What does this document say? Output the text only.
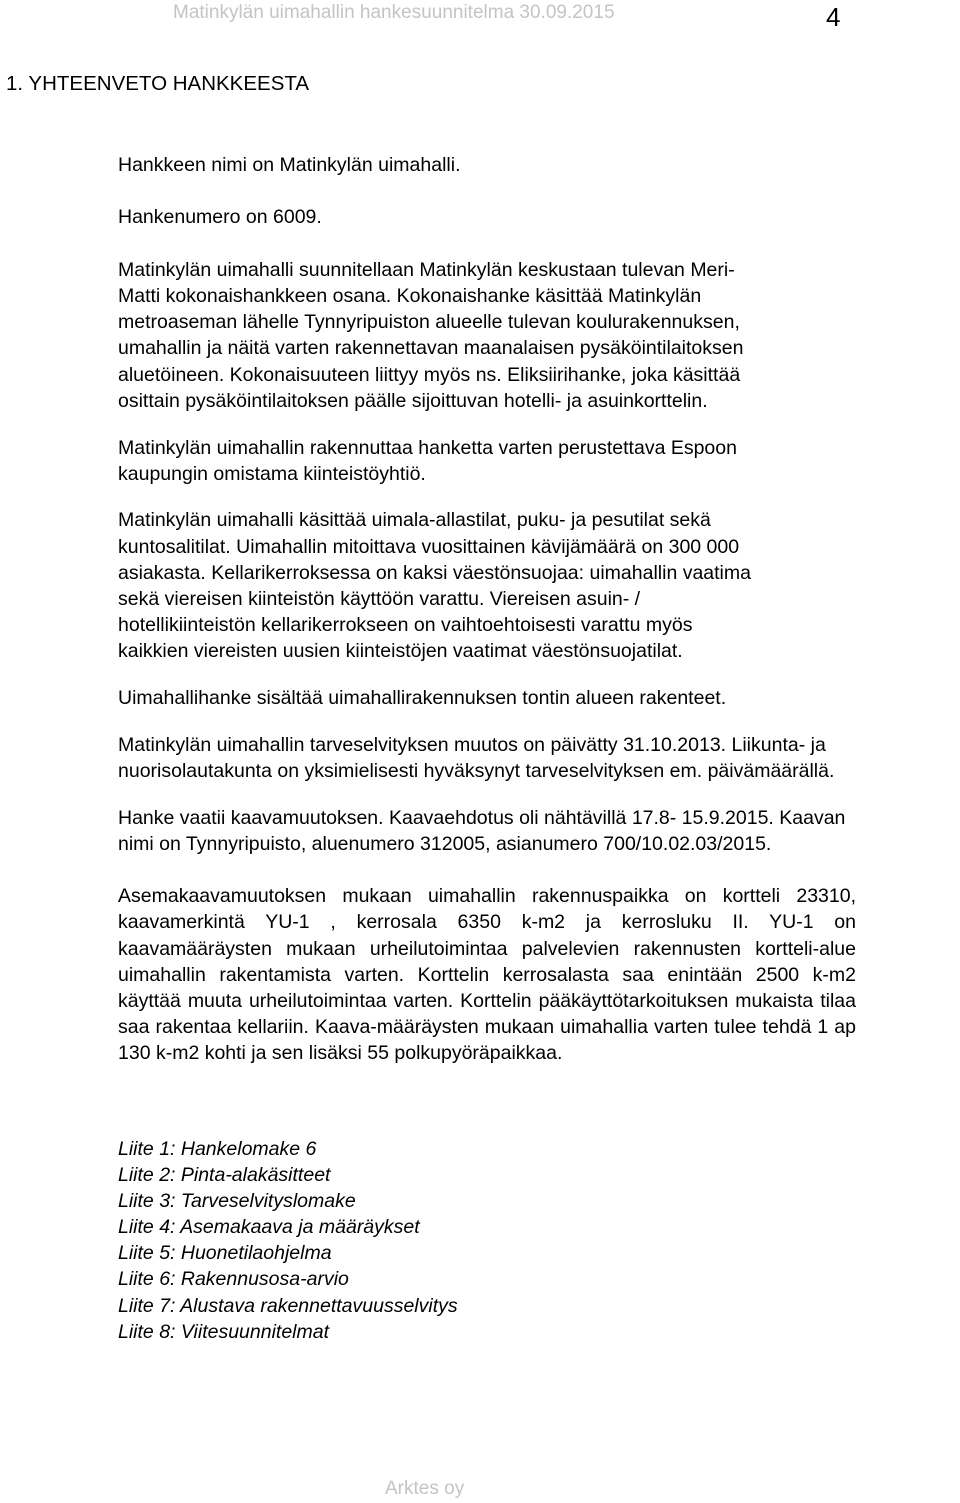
Matinkylän uimahallin hankesuunnitelma 30.09.2015	4
1. YHTEENVETO HANKKEESTA

Hankkeen nimi on Matinkylän uimahalli.

Hankenumero on 6009.

Matinkylän uimahalli suunnitellaan Matinkylän keskustaan tulevan Meri-
Matti kokonaishankkeen osana. Kokonaishanke käsittää Matinkylän
metroaseman lähelle Tynnyripuiston alueelle tulevan koulurakennuksen,
umahallin ja näitä varten rakennettavan maanalaisen pysäköintilaitoksen
aluetöineen. Kokonaisuuteen liittyy myös ns. Eliksiirihanke, joka käsittää
osittain pysäköintilaitoksen päälle sijoittuvan hotelli- ja asuinkorttelin.

Matinkylän uimahallin rakennuttaa hanketta varten perustettava Espoon
kaupungin omistama kiinteistöyhtiö.

Matinkylän uimahalli käsittää uimala-allastilat, puku- ja pesutilat sekä
kuntosalitilat. Uimahallin mitoittava vuosittainen kävijämäärä on 300 000
asiakasta. Kellarikerroksessa on kaksi väestönsuojaa: uimahallin vaatima
sekä viereisen kiinteistön käyttöön varattu. Viereisen asuin- /
hotellikiinteistön kellarikerrokseen on vaihtoehtoisesti varattu myös
kaikkien viereisten uusien kiinteistöjen vaatimat väestönsuojatilat.

Uimahallihanke sisältää uimahallirakennuksen tontin alueen rakenteet.

Matinkylän uimahallin tarveselvityksen muutos on päivätty 31.10.2013. Liikunta- ja
nuorisolautakunta on yksimielisesti hyväksynyt tarveselvityksen em. päivämäärällä.

Hanke vaatii kaavamuutoksen. Kaavaehdotus oli nähtävillä 17.8- 15.9.2015. Kaavan
nimi on Tynnyripuisto, aluenumero 312005, asianumero 700/10.02.03/2015.

Asemakaavamuutoksen mukaan uimahallin rakennuspaikka on kortteli 23310, kaavamerkintä YU-1 , kerrosala 6350 k-m2 ja kerrosluku II. YU-1 on kaavamääräysten mukaan urheilutoimintaa palvelevien rakennusten kortteli-alue uimahallin rakentamista varten. Korttelin kerrosalasta saa enintään 2500 k-m2 käyttää muuta urheilutoimintaa varten. Korttelin pääkäyttötarkoituksen mukaista tilaa saa rakentaa kellariin. Kaava-määräysten mukaan uimahallia varten tulee tehdä 1 ap 130 k-m2 kohti ja sen lisäksi 55 polkupyöräpaikkaa.

Liite 1: Hankelomake 6
Liite 2: Pinta-alakäsitteet
Liite 3: Tarveselvityslomake
Liite 4: Asemakaava ja määräykset
Liite 5: Huonetilaohjelma
Liite 6: Rakennusosa-arvio
Liite 7: Alustava rakennettavuusselvitys
Liite 8: Viitesuunnitelmat
Arktes oy
